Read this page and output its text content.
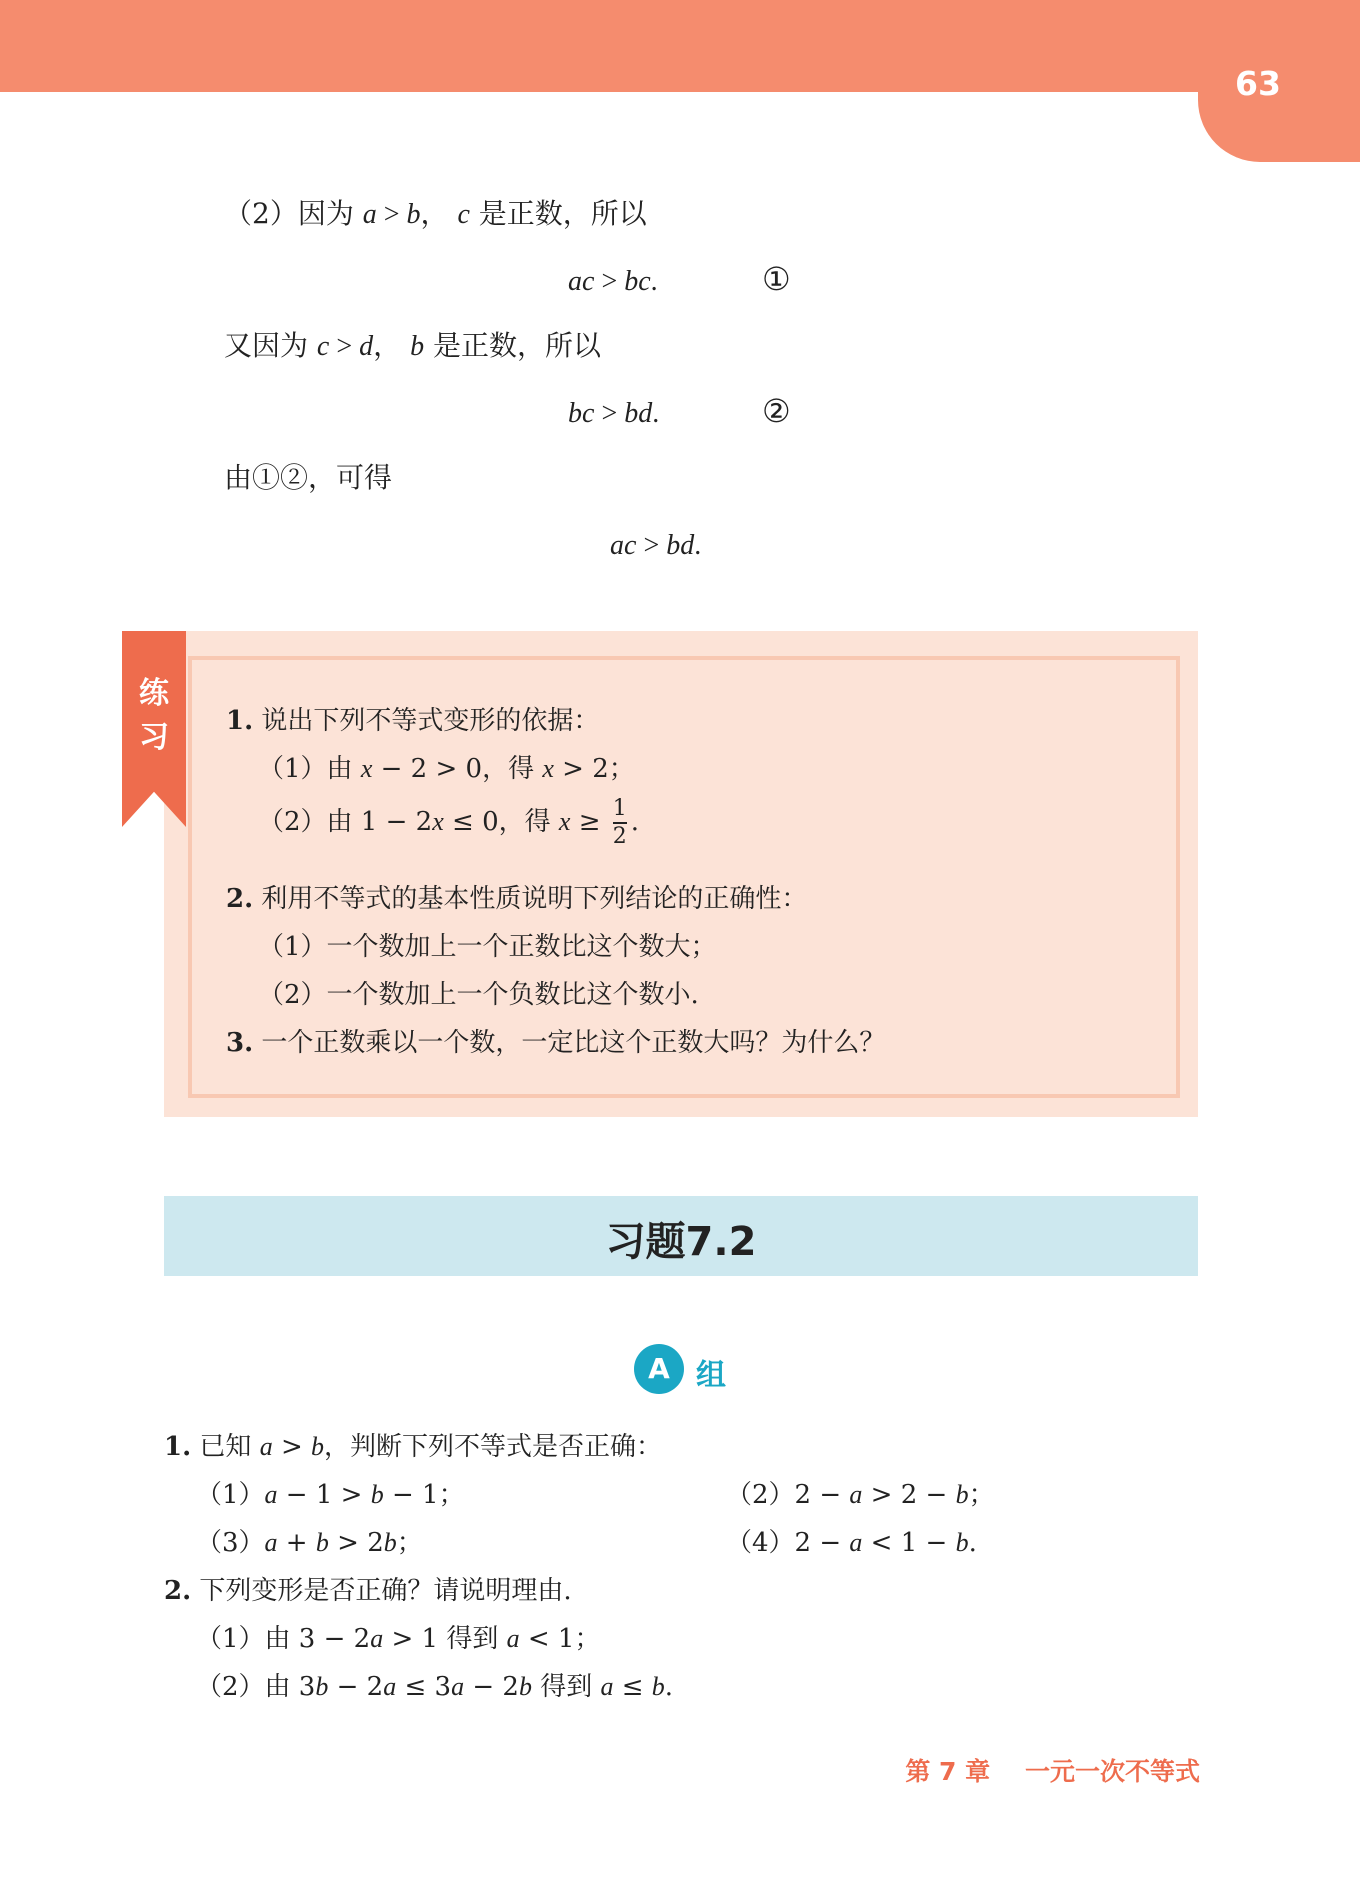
63
（2）因为 a > b， c 是正数，所以
ac > bc.	①
又因为 c > d， b 是正数，所以
bc > bd.	②
由①②，可得
ac > bd.
练
习	1. 说出下列不等式变形的依据：
（1）由 x − 2 > 0，得 x > 2；
（2）由 1 − 2x ≤ 0，得 $x \ge \frac{1}{2}$ .
2. 利用不等式的基本性质说明下列结论的正确性：
（1）一个数加上一个正数比这个数大；
（2）一个数加上一个负数比这个数小.
3. 一个正数乘以一个数，一定比这个正数大吗？为什么？
习题7.2
A 组
1. 已知 a > b，判断下列不等式是否正确：
（1）a − 1 > b − 1；	（2）2 − a > 2 − b；
（3）a + b > 2b；	（4）2 − a < 1 − b.
2. 下列变形是否正确？请说明理由.
（1）由 3 − 2a > 1 得到 a < 1；
（2）由 3b − 2a ≤ 3a − 2b 得到 a ≤ b.
第 7 章 一元一次不等式
